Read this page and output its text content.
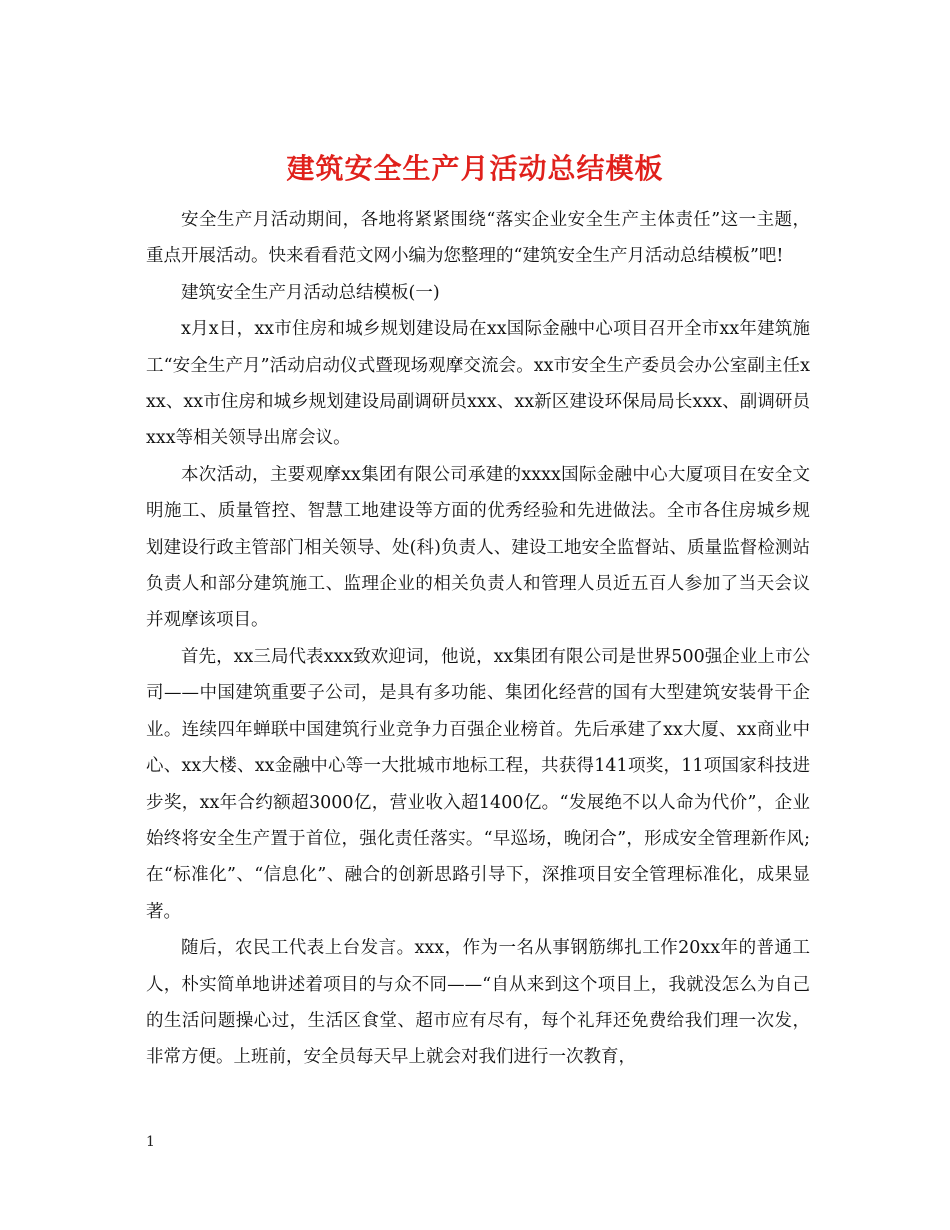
建筑安全生产月活动总结模板

安全生产月活动期间，各地将紧紧围绕“落实企业安全生产主体责任”这一主题，重点开展活动。快来看看范文网小编为您整理的“建筑安全生产月活动总结模板”吧!

建筑安全生产月活动总结模板(一)

x月x日，xx市住房和城乡规划建设局在xx国际金融中心项目召开全市xx年建筑施工“安全生产月”活动启动仪式暨现场观摩交流会。xx市安全生产委员会办公室副主任xxx、xx市住房和城乡规划建设局副调研员xxx、xx新区建设环保局局长xxx、副调研员xxx等相关领导出席会议。

本次活动，主要观摩xx集团有限公司承建的xxxx国际金融中心大厦项目在安全文明施工、质量管控、智慧工地建设等方面的优秀经验和先进做法。全市各住房城乡规划建设行政主管部门相关领导、处(科)负责人、建设工地安全监督站、质量监督检测站负责人和部分建筑施工、监理企业的相关负责人和管理人员近五百人参加了当天会议并观摩该项目。

首先，xx三局代表xxx致欢迎词，他说，xx集团有限公司是世界500强企业上市公司——中国建筑重要子公司，是具有多功能、集团化经营的国有大型建筑安装骨干企业。连续四年蝉联中国建筑行业竞争力百强企业榜首。先后承建了xx大厦、xx商业中心、xx大楼、xx金融中心等一大批城市地标工程，共获得141项奖，11项国家科技进步奖，xx年合约额超3000亿，营业收入超1400亿。“发展绝不以人命为代价”，企业始终将安全生产置于首位，强化责任落实。“早巡场，晚闭合”，形成安全管理新作风;在“标准化”、“信息化”、融合的创新思路引导下，深推项目安全管理标准化，成果显著。

随后，农民工代表上台发言。xxx，作为一名从事钢筋绑扎工作20xx年的普通工人，朴实简单地讲述着项目的与众不同——“自从来到这个项目上，我就没怎么为自己的生活问题操心过，生活区食堂、超市应有尽有，每个礼拜还免费给我们理一次发，非常方便。上班前，安全员每天早上就会对我们进行一次教育，

1
